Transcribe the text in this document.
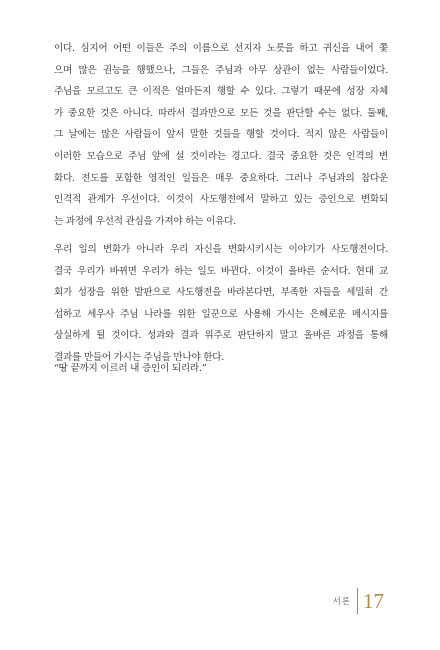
이다. 심지어 어떤 이들은 주의 이름으로 선지자 노릇을 하고 귀신을 내어 쫓
으며 많은 권능을 행했으나, 그들은 주님과 아무 상관이 없는 사람들이었다.
주님을 모르고도 큰 이적은 얼마든지 행할 수 있다. 그렇기 때문에 성장 자체
가 중요한 것은 아니다. 따라서 결과만으로 모든 것을 판단할 수는 없다. 둘째,
그 날에는 많은 사람들이 앞서 말한 것들을 행할 것이다. 적지 않은 사람들이
이러한 모습으로 주님 앞에 설 것이라는 경고다. 결국 중요한 것은 인격의 변
화다. 전도를 포함한 영적인 일들은 매우 중요하다. 그러나 주님과의 참다운
인격적 관계가 우선이다. 이것이 사도행전에서 말하고 있는 증인으로 변화되
는 과정에 우선적 관심을 가져야 하는 이유다.
우리 일의 변화가 아니라 우리 자신을 변화시키시는 이야기가 사도행전이다.
결국 우리가 바뀌면 우리가 하는 일도 바뀐다. 이것이 올바른 순서다. 현대 교
회가 성장을 위한 발판으로 사도행전을 바라본다면, 부족한 자들을 세밀히 간
섭하고 세우사 주님 나라를 위한 일꾼으로 사용해 가시는 은혜로운 메시지를
상실하게 될 것이다. 성과와 결과 위주로 판단하지 말고 올바른 과정을 통해
결과를 만들어 가시는 주님을 만나야 한다.
“땅 끝까지 이르러 내 증인이 되리라.”
서론 17
